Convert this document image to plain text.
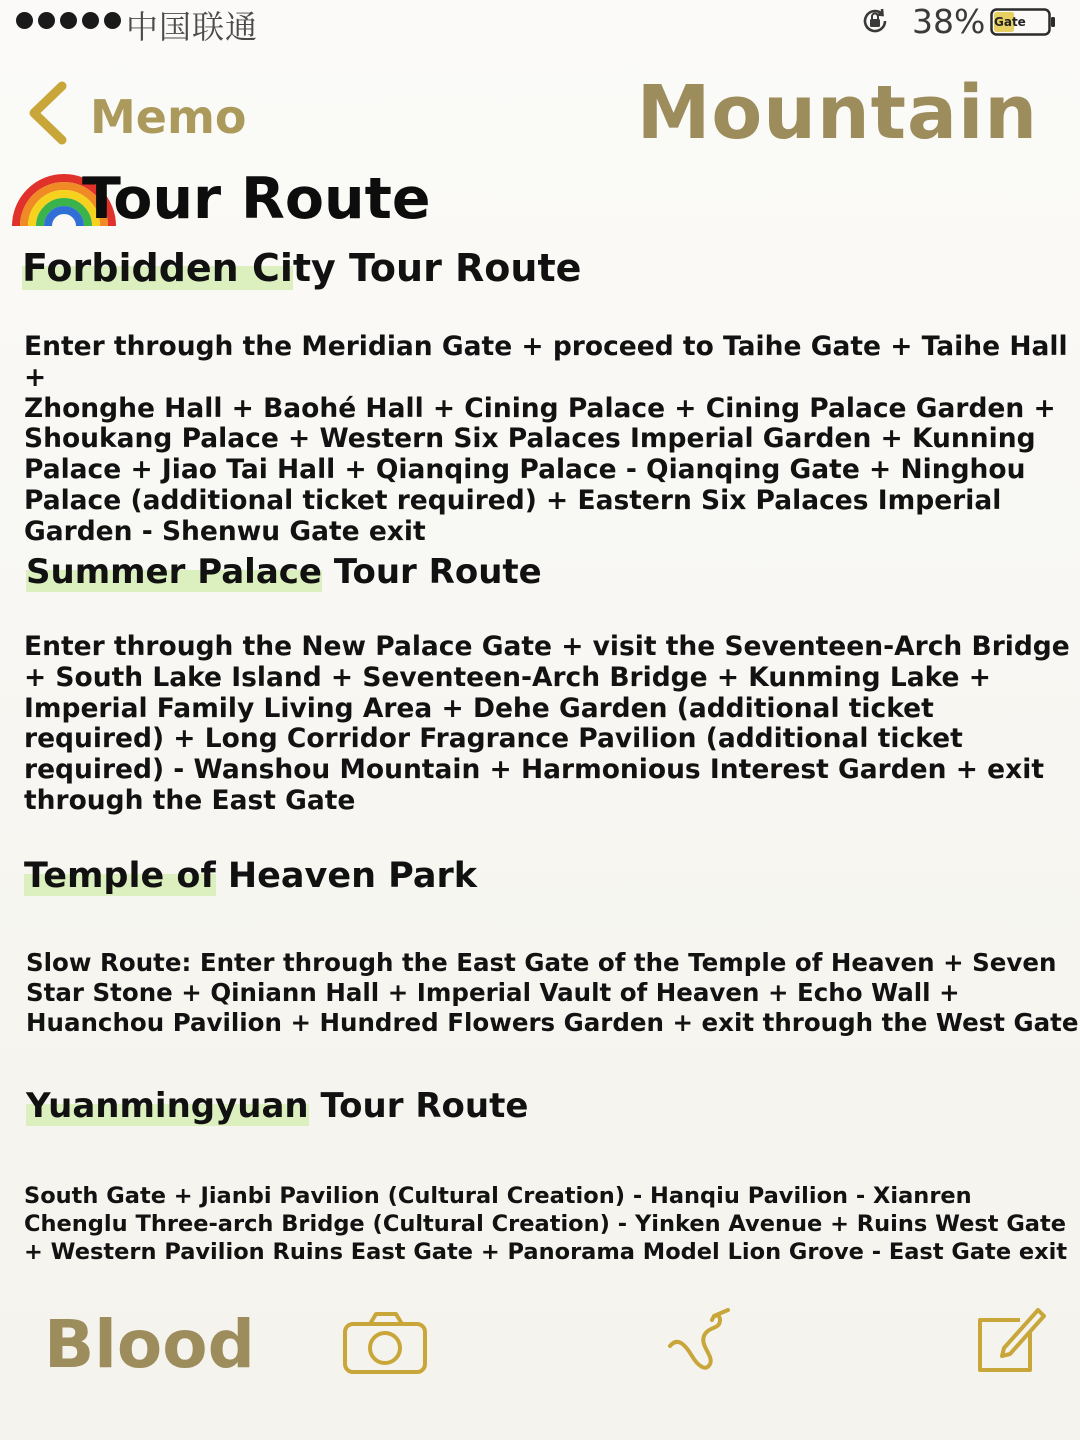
中国联通	38% Gate
Memo	Mountain
Tour Route
Forbidden City Tour Route
Enter through the Meridian Gate + proceed to Taihe Gate + Taihe Hall +
Zhonghe Hall + Baohé Hall + Cining Palace + Cining Palace Garden +
Shoukang Palace + Western Six Palaces Imperial Garden + Kunning
Palace + Jiao Tai Hall + Qianqing Palace - Qianqing Gate + Ninghou
Palace (additional ticket required) + Eastern Six Palaces Imperial
Garden - Shenwu Gate exit
Summer Palace Tour Route
Enter through the New Palace Gate + visit the Seventeen-Arch Bridge
+ South Lake Island + Seventeen-Arch Bridge + Kunming Lake +
Imperial Family Living Area + Dehe Garden (additional ticket
required) + Long Corridor Fragrance Pavilion (additional ticket
required) - Wanshou Mountain + Harmonious Interest Garden + exit
through the East Gate
Temple of Heaven Park
Slow Route: Enter through the East Gate of the Temple of Heaven + Seven
Star Stone + Qiniann Hall + Imperial Vault of Heaven + Echo Wall +
Huanchou Pavilion + Hundred Flowers Garden + exit through the West Gate
Yuanmingyuan Tour Route
South Gate + Jianbi Pavilion (Cultural Creation) - Hanqiu Pavilion - Xianren
Chenglu Three-arch Bridge (Cultural Creation) - Yinken Avenue + Ruins West Gate
+ Western Pavilion Ruins East Gate + Panorama Model Lion Grove - East Gate exit
Blood
